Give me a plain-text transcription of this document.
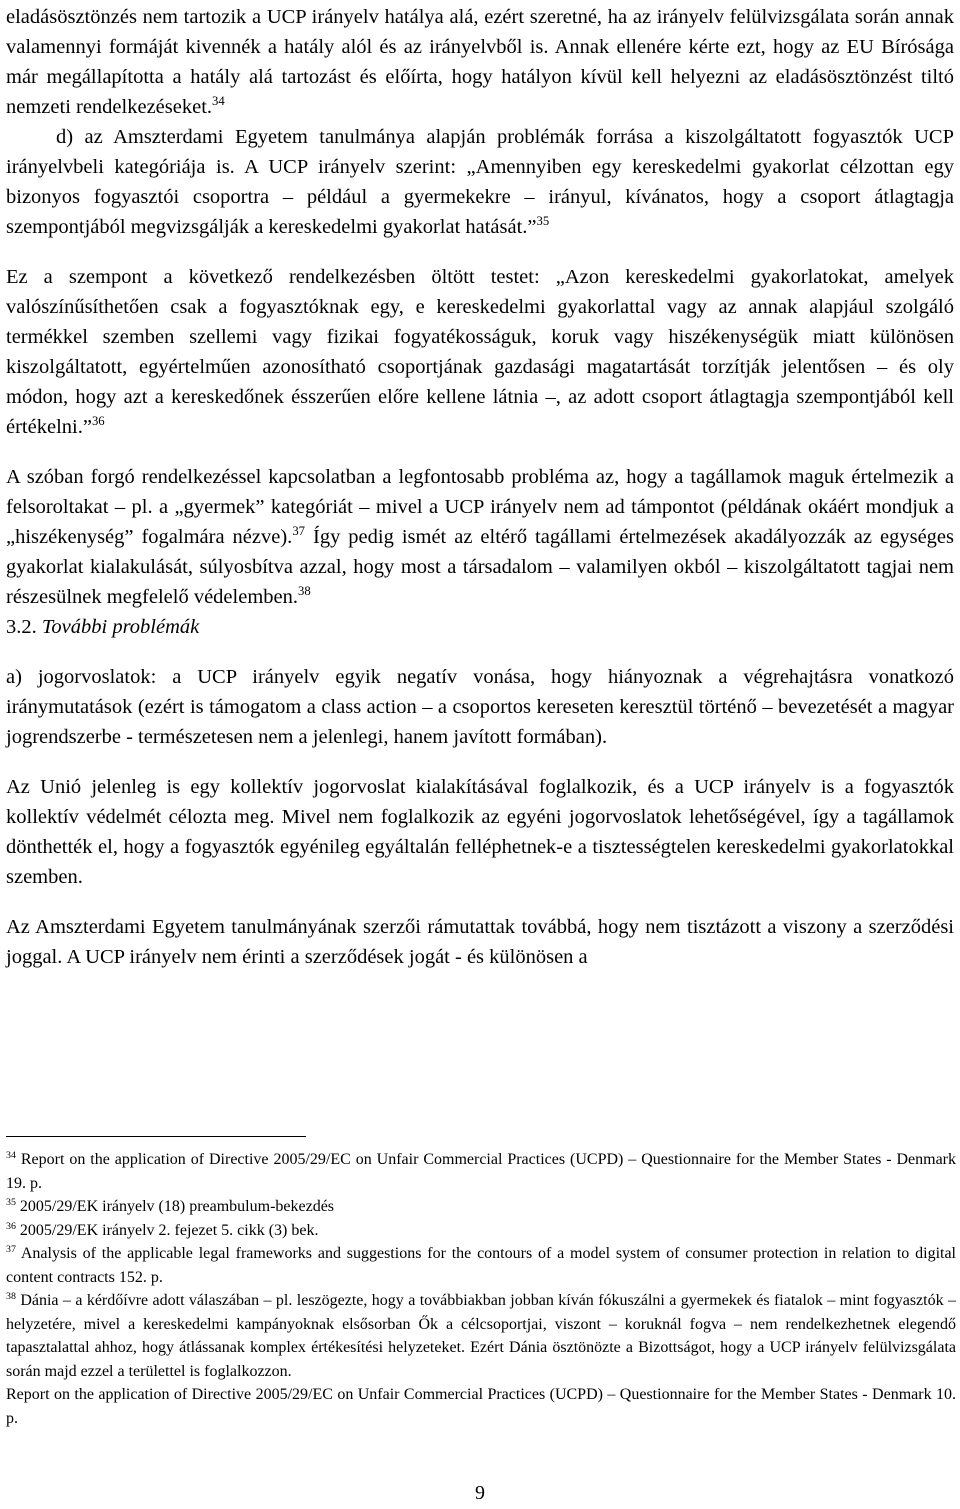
eladásösztönzés nem tartozik a UCP irányelv hatálya alá, ezért szeretné, ha az irányelv felülvizsgálata során annak valamennyi formáját kivennék a hatály alól és az irányelvből is. Annak ellenére kérte ezt, hogy az EU Bírósága már megállapította a hatály alá tartozást és előírta, hogy hatályon kívül kell helyezni az eladásösztönzést tiltó nemzeti rendelkezéseket.$^{34}$

d) az Amszterdami Egyetem tanulmánya alapján problémák forrása a kiszolgáltatott fogyasztók UCP irányelvbeli kategóriája is. A UCP irányelv szerint: „Amennyiben egy kereskedelmi gyakorlat célzottan egy bizonyos fogyasztói csoportra – például a gyermekekre – irányul, kívánatos, hogy a csoport átlagtagja szempontjából megvizsgálják a kereskedelmi gyakorlat hatását.”$^{35}$

Ez a szempont a következő rendelkezésben öltött testet: „Azon kereskedelmi gyakorlatokat, amelyek valószínűsíthetően csak a fogyasztóknak egy, e kereskedelmi gyakorlattal vagy az annak alapjául szolgáló termékkel szemben szellemi vagy fizikai fogyatékosságuk, koruk vagy hiszékenységük miatt különösen kiszolgáltatott, egyértelműen azonosítható csoportjának gazdasági magatartását torzítják jelentősen – és oly módon, hogy azt a kereskedőnek ésszerűen előre kellene látnia –, az adott csoport átlagtagja szempontjából kell értékelni.”$^{36}$

A szóban forgó rendelkezéssel kapcsolatban a legfontosabb probléma az, hogy a tagállamok maguk értelmezik a felsoroltakat – pl. a „gyermek” kategóriát – mivel a UCP irányelv nem ad támpontot (példának okáért mondjuk a „hiszékenység” fogalmára nézve).$^{37}$ Így pedig ismét az eltérő tagállami értelmezések akadályozzák az egységes gyakorlat kialakulását, súlyosbítva azzal, hogy most a társadalom – valamilyen okból – kiszolgáltatott tagjai nem részesülnek megfelelő védelemben.$^{38}$

3.2. További problémák

a) jogorvoslatok: a UCP irányelv egyik negatív vonása, hogy hiányoznak a végrehajtásra vonatkozó iránymutatások (ezért is támogatom a class action – a csoportos kereseten keresztül történő – bevezetését a magyar jogrendszerbe - természetesen nem a jelenlegi, hanem javított formában).

Az Unió jelenleg is egy kollektív jogorvoslat kialakításával foglalkozik, és a UCP irányelv is a fogyasztók kollektív védelmét célozta meg. Mivel nem foglalkozik az egyéni jogorvoslatok lehetőségével, így a tagállamok dönthették el, hogy a fogyasztók egyénileg egyáltalán felléphetnek-e a tisztességtelen kereskedelmi gyakorlatokkal szemben.

Az Amszterdami Egyetem tanulmányának szerzői rámutattak továbbá, hogy nem tisztázott a viszony a szerződési joggal. A UCP irányelv nem érinti a szerződések jogát - és különösen a

$^{34}$ Report on the application of Directive 2005/29/EC on Unfair Commercial Practices (UCPD) – Questionnaire for the Member States - Denmark 19. p.

$^{35}$ 2005/29/EK irányelv (18) preambulum-bekezdés

$^{36}$ 2005/29/EK irányelv 2. fejezet 5. cikk (3) bek.

$^{37}$ Analysis of the applicable legal frameworks and suggestions for the contours of a model system of consumer protection in relation to digital content contracts 152. p.

$^{38}$ Dánia – a kérdőívre adott válaszában – pl. leszögezte, hogy a továbbiakban jobban kíván fókuszálni a gyermekek és fiatalok – mint fogyasztók – helyzetére, mivel a kereskedelmi kampányoknak elsősorban Ők a célcsoportjai, viszont – koruknál fogva – nem rendelkezhetnek elegendő tapasztalattal ahhoz, hogy átlássanak komplex értékesítési helyzeteket. Ezért Dánia ösztönözte a Bizottságot, hogy a UCP irányelv felülvizsgálata során majd ezzel a területtel is foglalkozzon.

Report on the application of Directive 2005/29/EC on Unfair Commercial Practices (UCPD) – Questionnaire for the Member States - Denmark 10. p.

9
